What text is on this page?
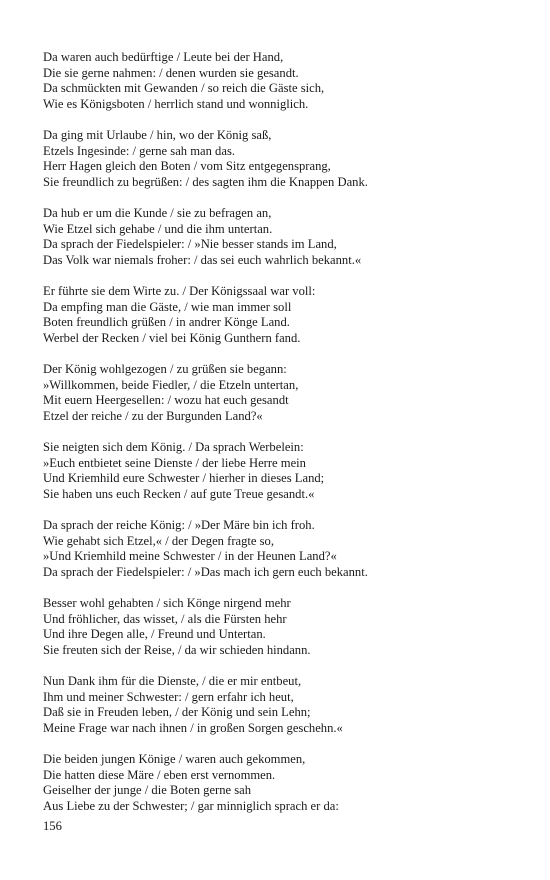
Da waren auch bedürftige / Leute bei der Hand,
Die sie gerne nahmen: / denen wurden sie gesandt.
Da schmückten mit Gewanden / so reich die Gäste sich,
Wie es Königsboten / herrlich stand und wonniglich.
Da ging mit Urlaube / hin, wo der König saß,
Etzels Ingesinde: / gerne sah man das.
Herr Hagen gleich den Boten / vom Sitz entgegensprang,
Sie freundlich zu begrüßen: / des sagten ihm die Knappen Dank.
Da hub er um die Kunde / sie zu befragen an,
Wie Etzel sich gehabe / und die ihm untertan.
Da sprach der Fiedelspieler: / »Nie besser stands im Land,
Das Volk war niemals froher: / das sei euch wahrlich bekannt.«
Er führte sie dem Wirte zu. / Der Königssaal war voll:
Da empfing man die Gäste, / wie man immer soll
Boten freundlich grüßen / in andrer Könge Land.
Werbel der Recken / viel bei König Gunthern fand.
Der König wohlgezogen / zu grüßen sie begann:
»Willkommen, beide Fiedler, / die Etzeln untertan,
Mit euern Heergesellen: / wozu hat euch gesandt
Etzel der reiche / zu der Burgunden Land?«
Sie neigten sich dem König. / Da sprach Werbelein:
»Euch entbietet seine Dienste / der liebe Herre mein
Und Kriemhild eure Schwester / hierher in dieses Land;
Sie haben uns euch Recken / auf gute Treue gesandt.«
Da sprach der reiche König: / »Der Märe bin ich froh.
Wie gehabt sich Etzel,« / der Degen fragte so,
»Und Kriemhild meine Schwester / in der Heunen Land?«
Da sprach der Fiedelspieler: / »Das mach ich gern euch bekannt.
Besser wohl gehabten / sich Könge nirgend mehr
Und fröhlicher, das wisset, / als die Fürsten hehr
Und ihre Degen alle, / Freund und Untertan.
Sie freuten sich der Reise, / da wir schieden hindann.
Nun Dank ihm für die Dienste, / die er mir entbeut,
Ihm und meiner Schwester: / gern erfahr ich heut,
Daß sie in Freuden leben, / der König und sein Lehn;
Meine Frage war nach ihnen / in großen Sorgen geschehn.«
Die beiden jungen Könige / waren auch gekommen,
Die hatten diese Märe / eben erst vernommen.
Geiselher der junge / die Boten gerne sah
Aus Liebe zu der Schwester; / gar minniglich sprach er da:
156
